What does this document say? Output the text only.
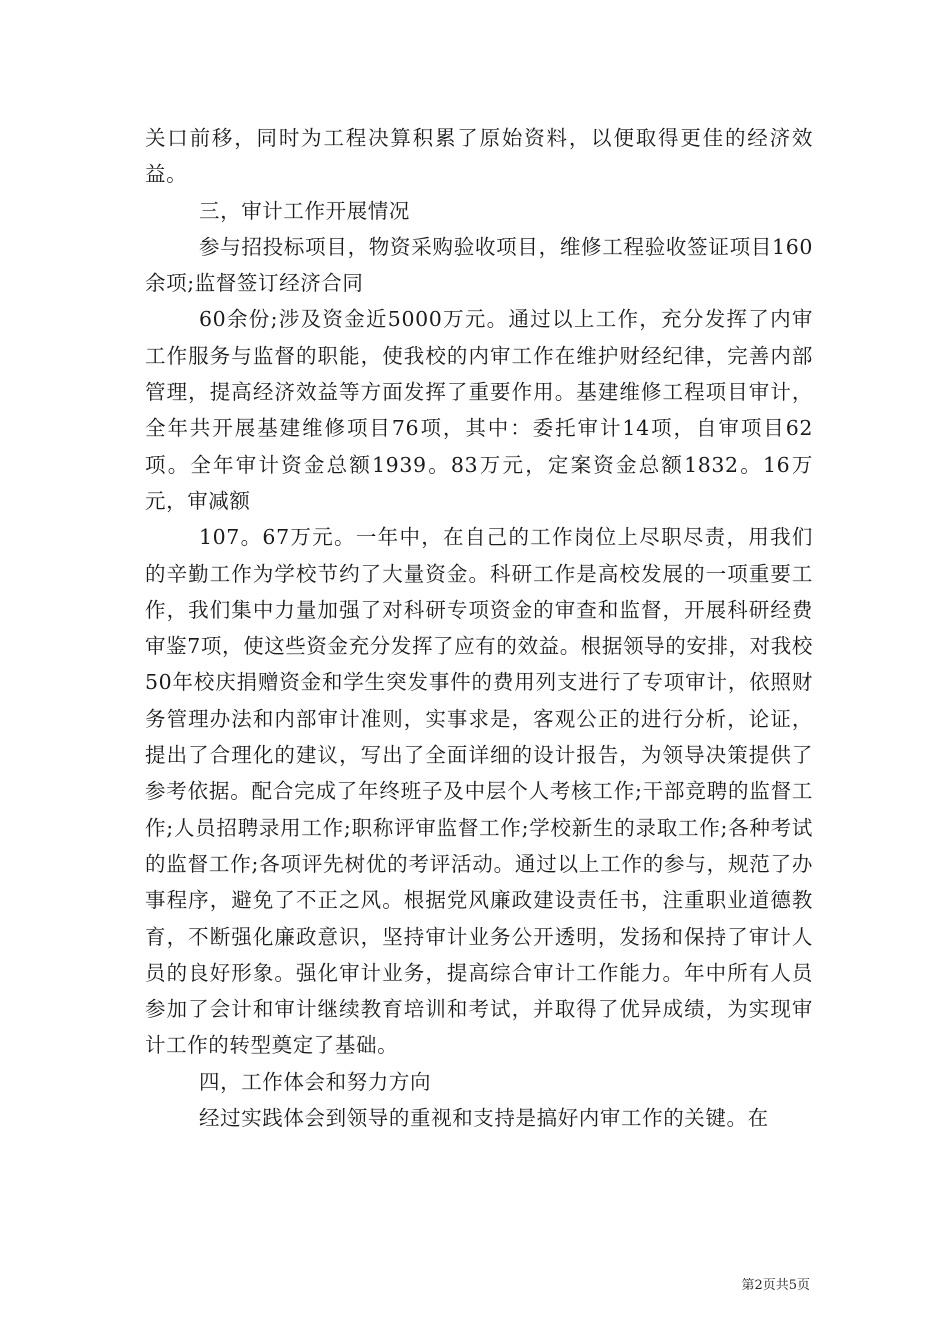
关口前移，同时为工程决算积累了原始资料，以便取得更佳的经济效益。

三，审计工作开展情况

参与招投标项目，物资采购验收项目，维修工程验收签证项目160余项;监督签订经济合同

60余份;涉及资金近5000万元。通过以上工作，充分发挥了内审工作服务与监督的职能，使我校的内审工作在维护财经纪律，完善内部管理，提高经济效益等方面发挥了重要作用。基建维修工程项目审计，全年共开展基建维修项目76项，其中：委托审计14项，自审项目62项。全年审计资金总额1939。83万元，定案资金总额1832。16万元，审减额

107。67万元。一年中，在自己的工作岗位上尽职尽责，用我们的辛勤工作为学校节约了大量资金。科研工作是高校发展的一项重要工作，我们集中力量加强了对科研专项资金的审查和监督，开展科研经费审鉴7项，使这些资金充分发挥了应有的效益。根据领导的安排，对我校50年校庆捐赠资金和学生突发事件的费用列支进行了专项审计，依照财务管理办法和内部审计准则，实事求是，客观公正的进行分析，论证，提出了合理化的建议，写出了全面详细的设计报告，为领导决策提供了参考依据。配合完成了年终班子及中层个人考核工作;干部竞聘的监督工作;人员招聘录用工作;职称评审监督工作;学校新生的录取工作;各种考试的监督工作;各项评先树优的考评活动。通过以上工作的参与，规范了办事程序，避免了不正之风。根据党风廉政建设责任书，注重职业道德教育，不断强化廉政意识，坚持审计业务公开透明，发扬和保持了审计人员的良好形象。强化审计业务，提高综合审计工作能力。年中所有人员参加了会计和审计继续教育培训和考试，并取得了优异成绩，为实现审计工作的转型奠定了基础。

四，工作体会和努力方向

经过实践体会到领导的重视和支持是搞好内审工作的关键。在

第2页共5页
